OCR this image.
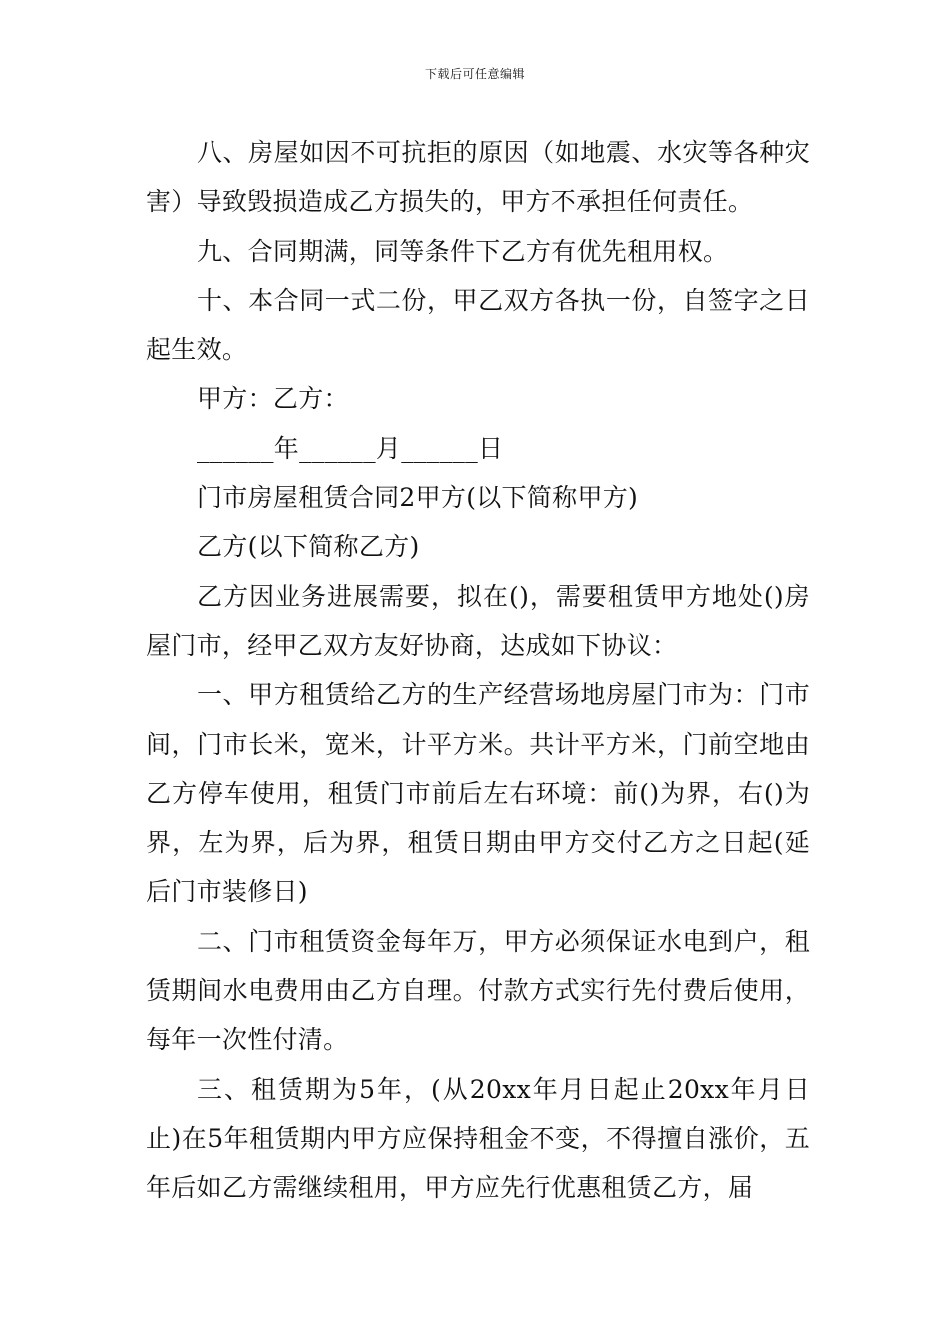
下载后可任意编辑

八、房屋如因不可抗拒的原因（如地震、水灾等各种灾害）导致毁损造成乙方损失的，甲方不承担任何责任。

九、合同期满，同等条件下乙方有优先租用权。

十、本合同一式二份，甲乙双方各执一份，自签字之日起生效。

甲方：乙方：

______年______月______日

门市房屋租赁合同2甲方(以下简称甲方)

乙方(以下简称乙方)

乙方因业务进展需要，拟在()，需要租赁甲方地处()房屋门市，经甲乙双方友好协商，达成如下协议：

一、甲方租赁给乙方的生产经营场地房屋门市为：门市间，门市长米，宽米，计平方米。共计平方米，门前空地由乙方停车使用，租赁门市前后左右环境：前()为界，右()为界，左为界，后为界，租赁日期由甲方交付乙方之日起(延后门市装修日)

二、门市租赁资金每年万，甲方必须保证水电到户，租赁期间水电费用由乙方自理。付款方式实行先付费后使用，每年一次性付清。

三、租赁期为5年，(从20xx年月日起止20xx年月日止)在5年租赁期内甲方应保持租金不变，不得擅自涨价，五年后如乙方需继续租用，甲方应先行优惠租赁乙方，届
